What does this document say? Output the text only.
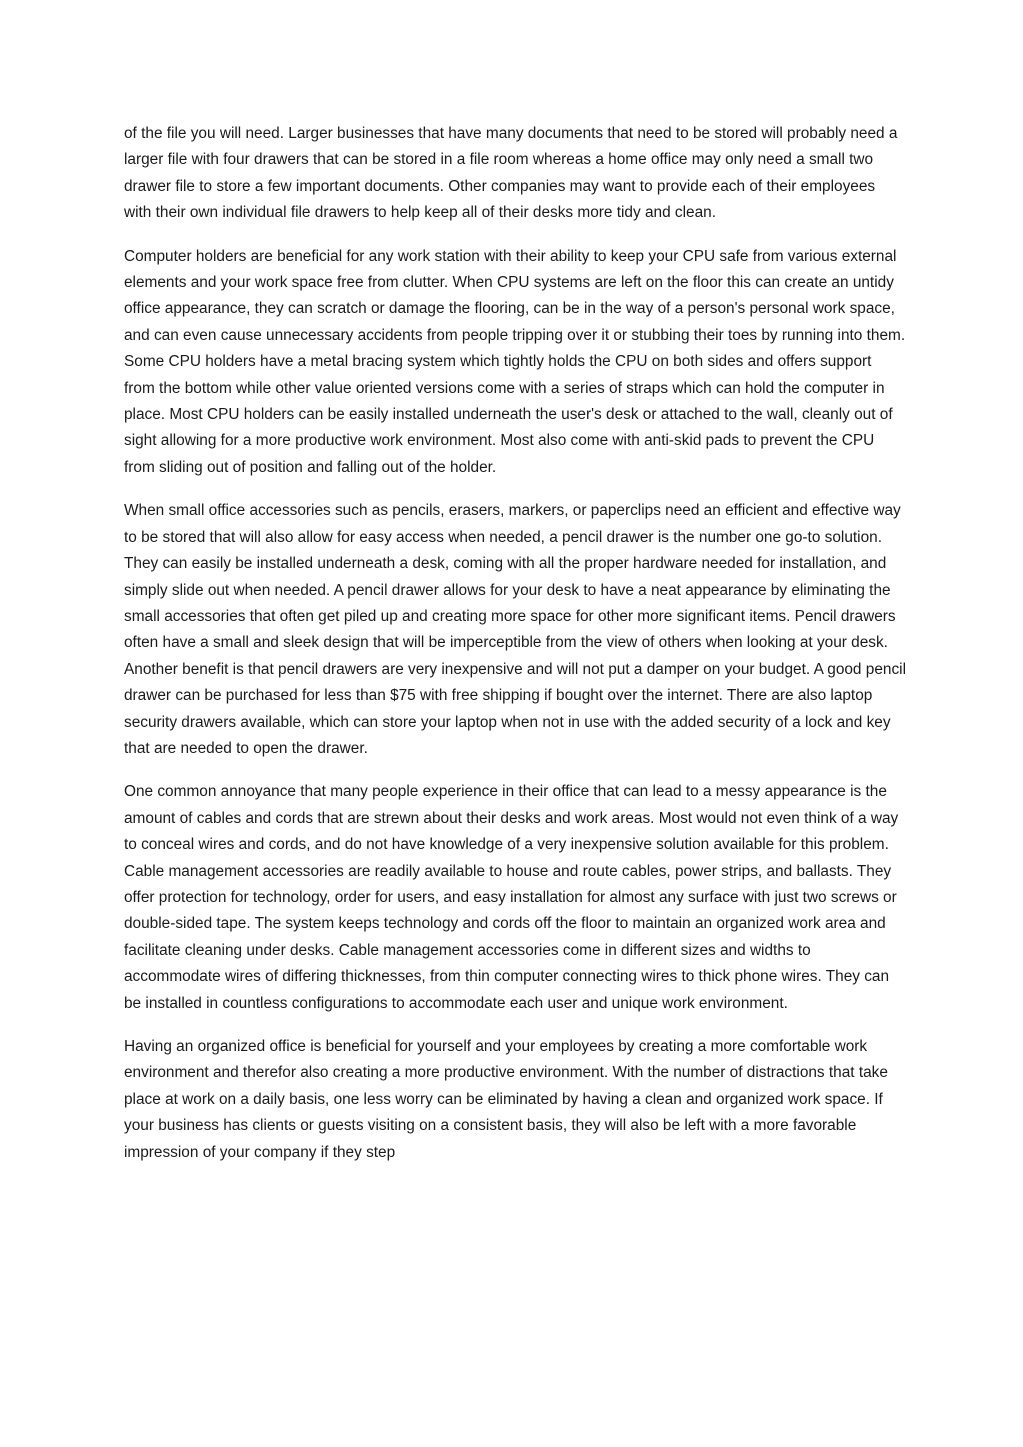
of the file you will need. Larger businesses that have many documents that need to be stored will probably need a larger file with four drawers that can be stored in a file room whereas a home office may only need a small two drawer file to store a few important documents. Other companies may want to provide each of their employees with their own individual file drawers to help keep all of their desks more tidy and clean.

Computer holders are beneficial for any work station with their ability to keep your CPU safe from various external elements and your work space free from clutter. When CPU systems are left on the floor this can create an untidy office appearance, they can scratch or damage the flooring, can be in the way of a person's personal work space, and can even cause unnecessary accidents from people tripping over it or stubbing their toes by running into them. Some CPU holders have a metal bracing system which tightly holds the CPU on both sides and offers support from the bottom while other value oriented versions come with a series of straps which can hold the computer in place. Most CPU holders can be easily installed underneath the user's desk or attached to the wall, cleanly out of sight allowing for a more productive work environment. Most also come with anti-skid pads to prevent the CPU from sliding out of position and falling out of the holder.

When small office accessories such as pencils, erasers, markers, or paperclips need an efficient and effective way to be stored that will also allow for easy access when needed, a pencil drawer is the number one go-to solution. They can easily be installed underneath a desk, coming with all the proper hardware needed for installation, and simply slide out when needed. A pencil drawer allows for your desk to have a neat appearance by eliminating the small accessories that often get piled up and creating more space for other more significant items. Pencil drawers often have a small and sleek design that will be imperceptible from the view of others when looking at your desk. Another benefit is that pencil drawers are very inexpensive and will not put a damper on your budget. A good pencil drawer can be purchased for less than $75 with free shipping if bought over the internet. There are also laptop security drawers available, which can store your laptop when not in use with the added security of a lock and key that are needed to open the drawer.

One common annoyance that many people experience in their office that can lead to a messy appearance is the amount of cables and cords that are strewn about their desks and work areas. Most would not even think of a way to conceal wires and cords, and do not have knowledge of a very inexpensive solution available for this problem. Cable management accessories are readily available to house and route cables, power strips, and ballasts. They offer protection for technology, order for users, and easy installation for almost any surface with just two screws or double-sided tape. The system keeps technology and cords off the floor to maintain an organized work area and facilitate cleaning under desks. Cable management accessories come in different sizes and widths to accommodate wires of differing thicknesses, from thin computer connecting wires to thick phone wires. They can be installed in countless configurations to accommodate each user and unique work environment.

Having an organized office is beneficial for yourself and your employees by creating a more comfortable work environment and therefor also creating a more productive environment. With the number of distractions that take place at work on a daily basis, one less worry can be eliminated by having a clean and organized work space. If your business has clients or guests visiting on a consistent basis, they will also be left with a more favorable impression of your company if they step
